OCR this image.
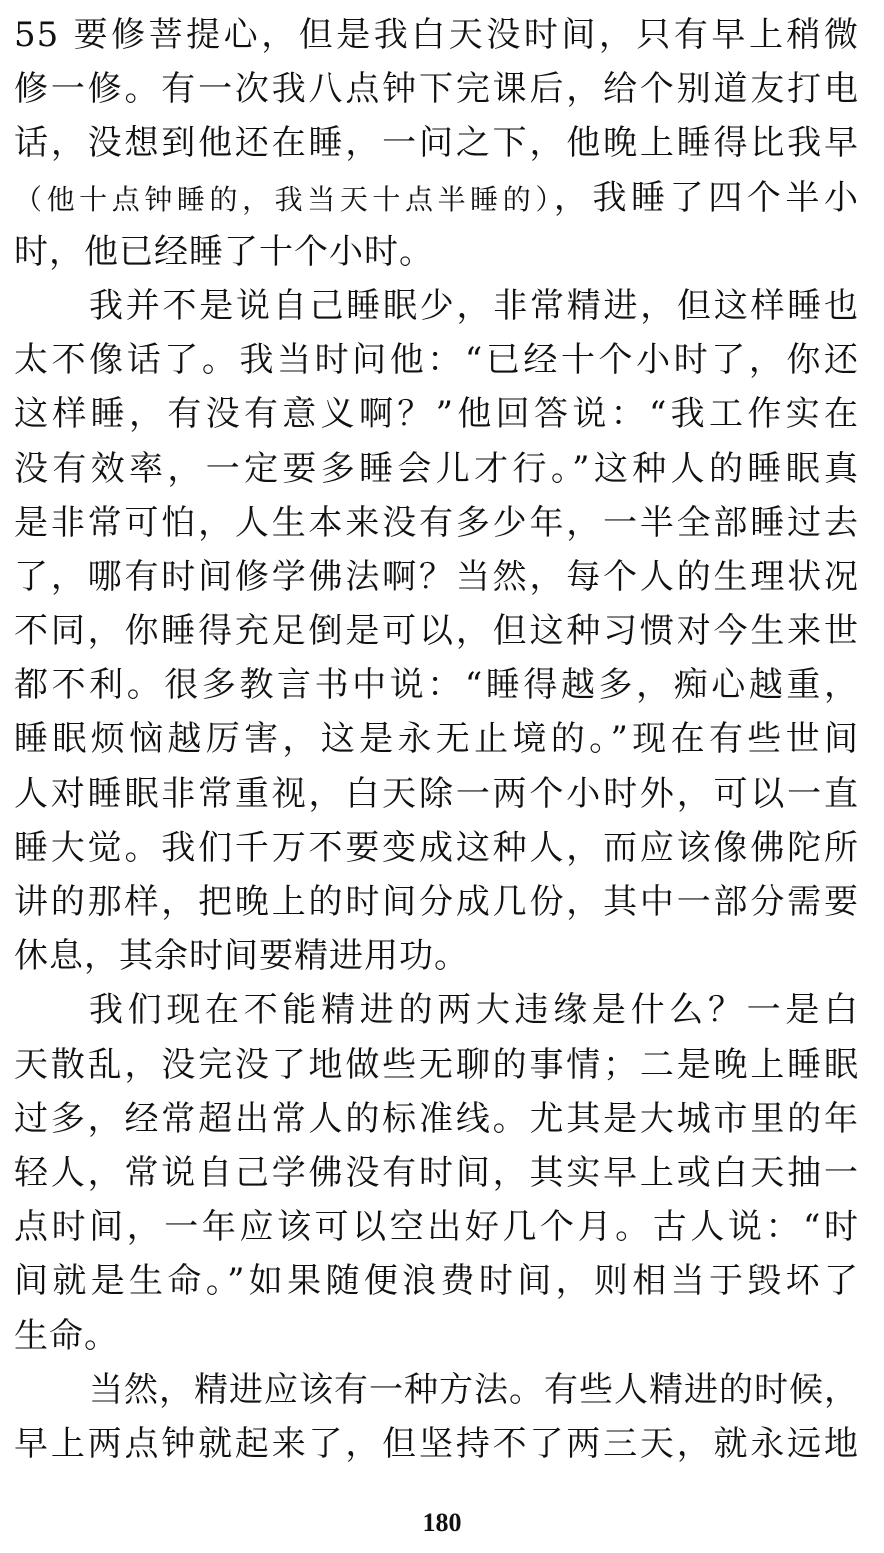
55 要修菩提心，但是我白天没时间，只有早上稍微
修一修。有一次我八点钟下完课后，给个别道友打电
话，没想到他还在睡，一问之下，他晚上睡得比我早
（他十点钟睡的，我当天十点半睡的），我睡了四个半小
时，他已经睡了十个小时。
我并不是说自己睡眠少，非常精进，但这样睡也
太不像话了。我当时问他：“已经十个小时了，你还
这样睡，有没有意义啊？”他回答说：“我工作实在
没有效率，一定要多睡会儿才行。”这种人的睡眠真
是非常可怕，人生本来没有多少年，一半全部睡过去
了，哪有时间修学佛法啊？当然，每个人的生理状况
不同，你睡得充足倒是可以，但这种习惯对今生来世
都不利。很多教言书中说：“睡得越多，痴心越重，
睡眠烦恼越厉害，这是永无止境的。”现在有些世间
人对睡眠非常重视，白天除一两个小时外，可以一直
睡大觉。我们千万不要变成这种人，而应该像佛陀所
讲的那样，把晚上的时间分成几份，其中一部分需要
休息，其余时间要精进用功。
我们现在不能精进的两大违缘是什么？一是白
天散乱，没完没了地做些无聊的事情；二是晚上睡眠
过多，经常超出常人的标准线。尤其是大城市里的年
轻人，常说自己学佛没有时间，其实早上或白天抽一
点时间，一年应该可以空出好几个月。古人说：“时
间就是生命。”如果随便浪费时间，则相当于毁坏了
生命。
当然，精进应该有一种方法。有些人精进的时候，
早上两点钟就起来了，但坚持不了两三天，就永远地
180
